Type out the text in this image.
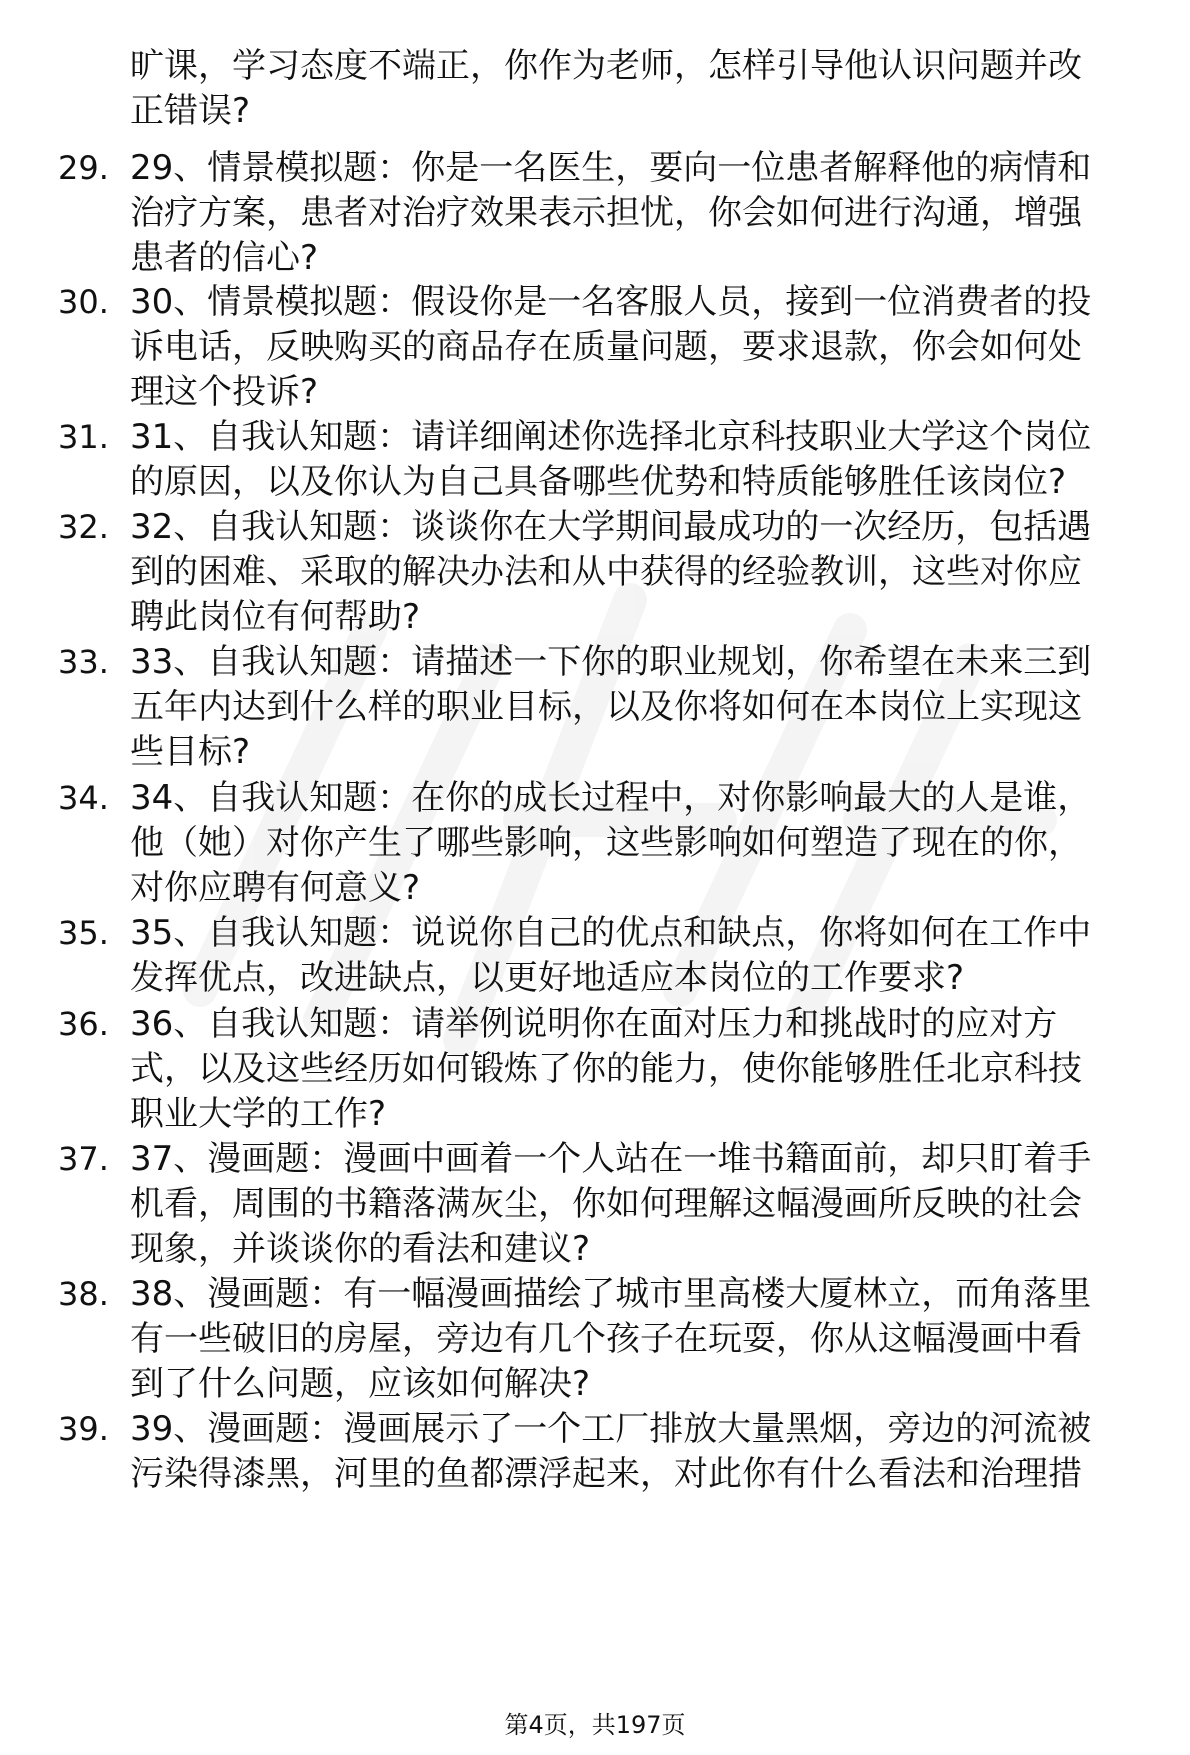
旷课，学习态度不端正，你作为老师，怎样引导他认识问题并改
正错误?
29. 29、情景模拟题：你是一名医生，要向一位患者解释他的病情和
治疗方案，患者对治疗效果表示担忧，你会如何进行沟通，增强
患者的信心?
30. 30、情景模拟题：假设你是一名客服人员，接到一位消费者的投
诉电话，反映购买的商品存在质量问题，要求退款，你会如何处
理这个投诉?
31. 31、自我认知题：请详细阐述你选择北京科技职业大学这个岗位
的原因，以及你认为自己具备哪些优势和特质能够胜任该岗位?
32. 32、自我认知题：谈谈你在大学期间最成功的一次经历，包括遇
到的困难、采取的解决办法和从中获得的经验教训，这些对你应
聘此岗位有何帮助?
33. 33、自我认知题：请描述一下你的职业规划，你希望在未来三到
五年内达到什么样的职业目标，以及你将如何在本岗位上实现这
些目标?
34. 34、自我认知题：在你的成长过程中，对你影响最大的人是谁，
他（她）对你产生了哪些影响，这些影响如何塑造了现在的你，
对你应聘有何意义?
35. 35、自我认知题：说说你自己的优点和缺点，你将如何在工作中
发挥优点，改进缺点，以更好地适应本岗位的工作要求?
36. 36、自我认知题：请举例说明你在面对压力和挑战时的应对方
式，以及这些经历如何锻炼了你的能力，使你能够胜任北京科技
职业大学的工作?
37. 37、漫画题：漫画中画着一个人站在一堆书籍面前，却只盯着手
机看，周围的书籍落满灰尘，你如何理解这幅漫画所反映的社会
现象，并谈谈你的看法和建议?
38. 38、漫画题：有一幅漫画描绘了城市里高楼大厦林立，而角落里
有一些破旧的房屋，旁边有几个孩子在玩耍，你从这幅漫画中看
到了什么问题，应该如何解决?
39. 39、漫画题：漫画展示了一个工厂排放大量黑烟，旁边的河流被
污染得漆黑，河里的鱼都漂浮起来，对此你有什么看法和治理措
第4页，共197页
